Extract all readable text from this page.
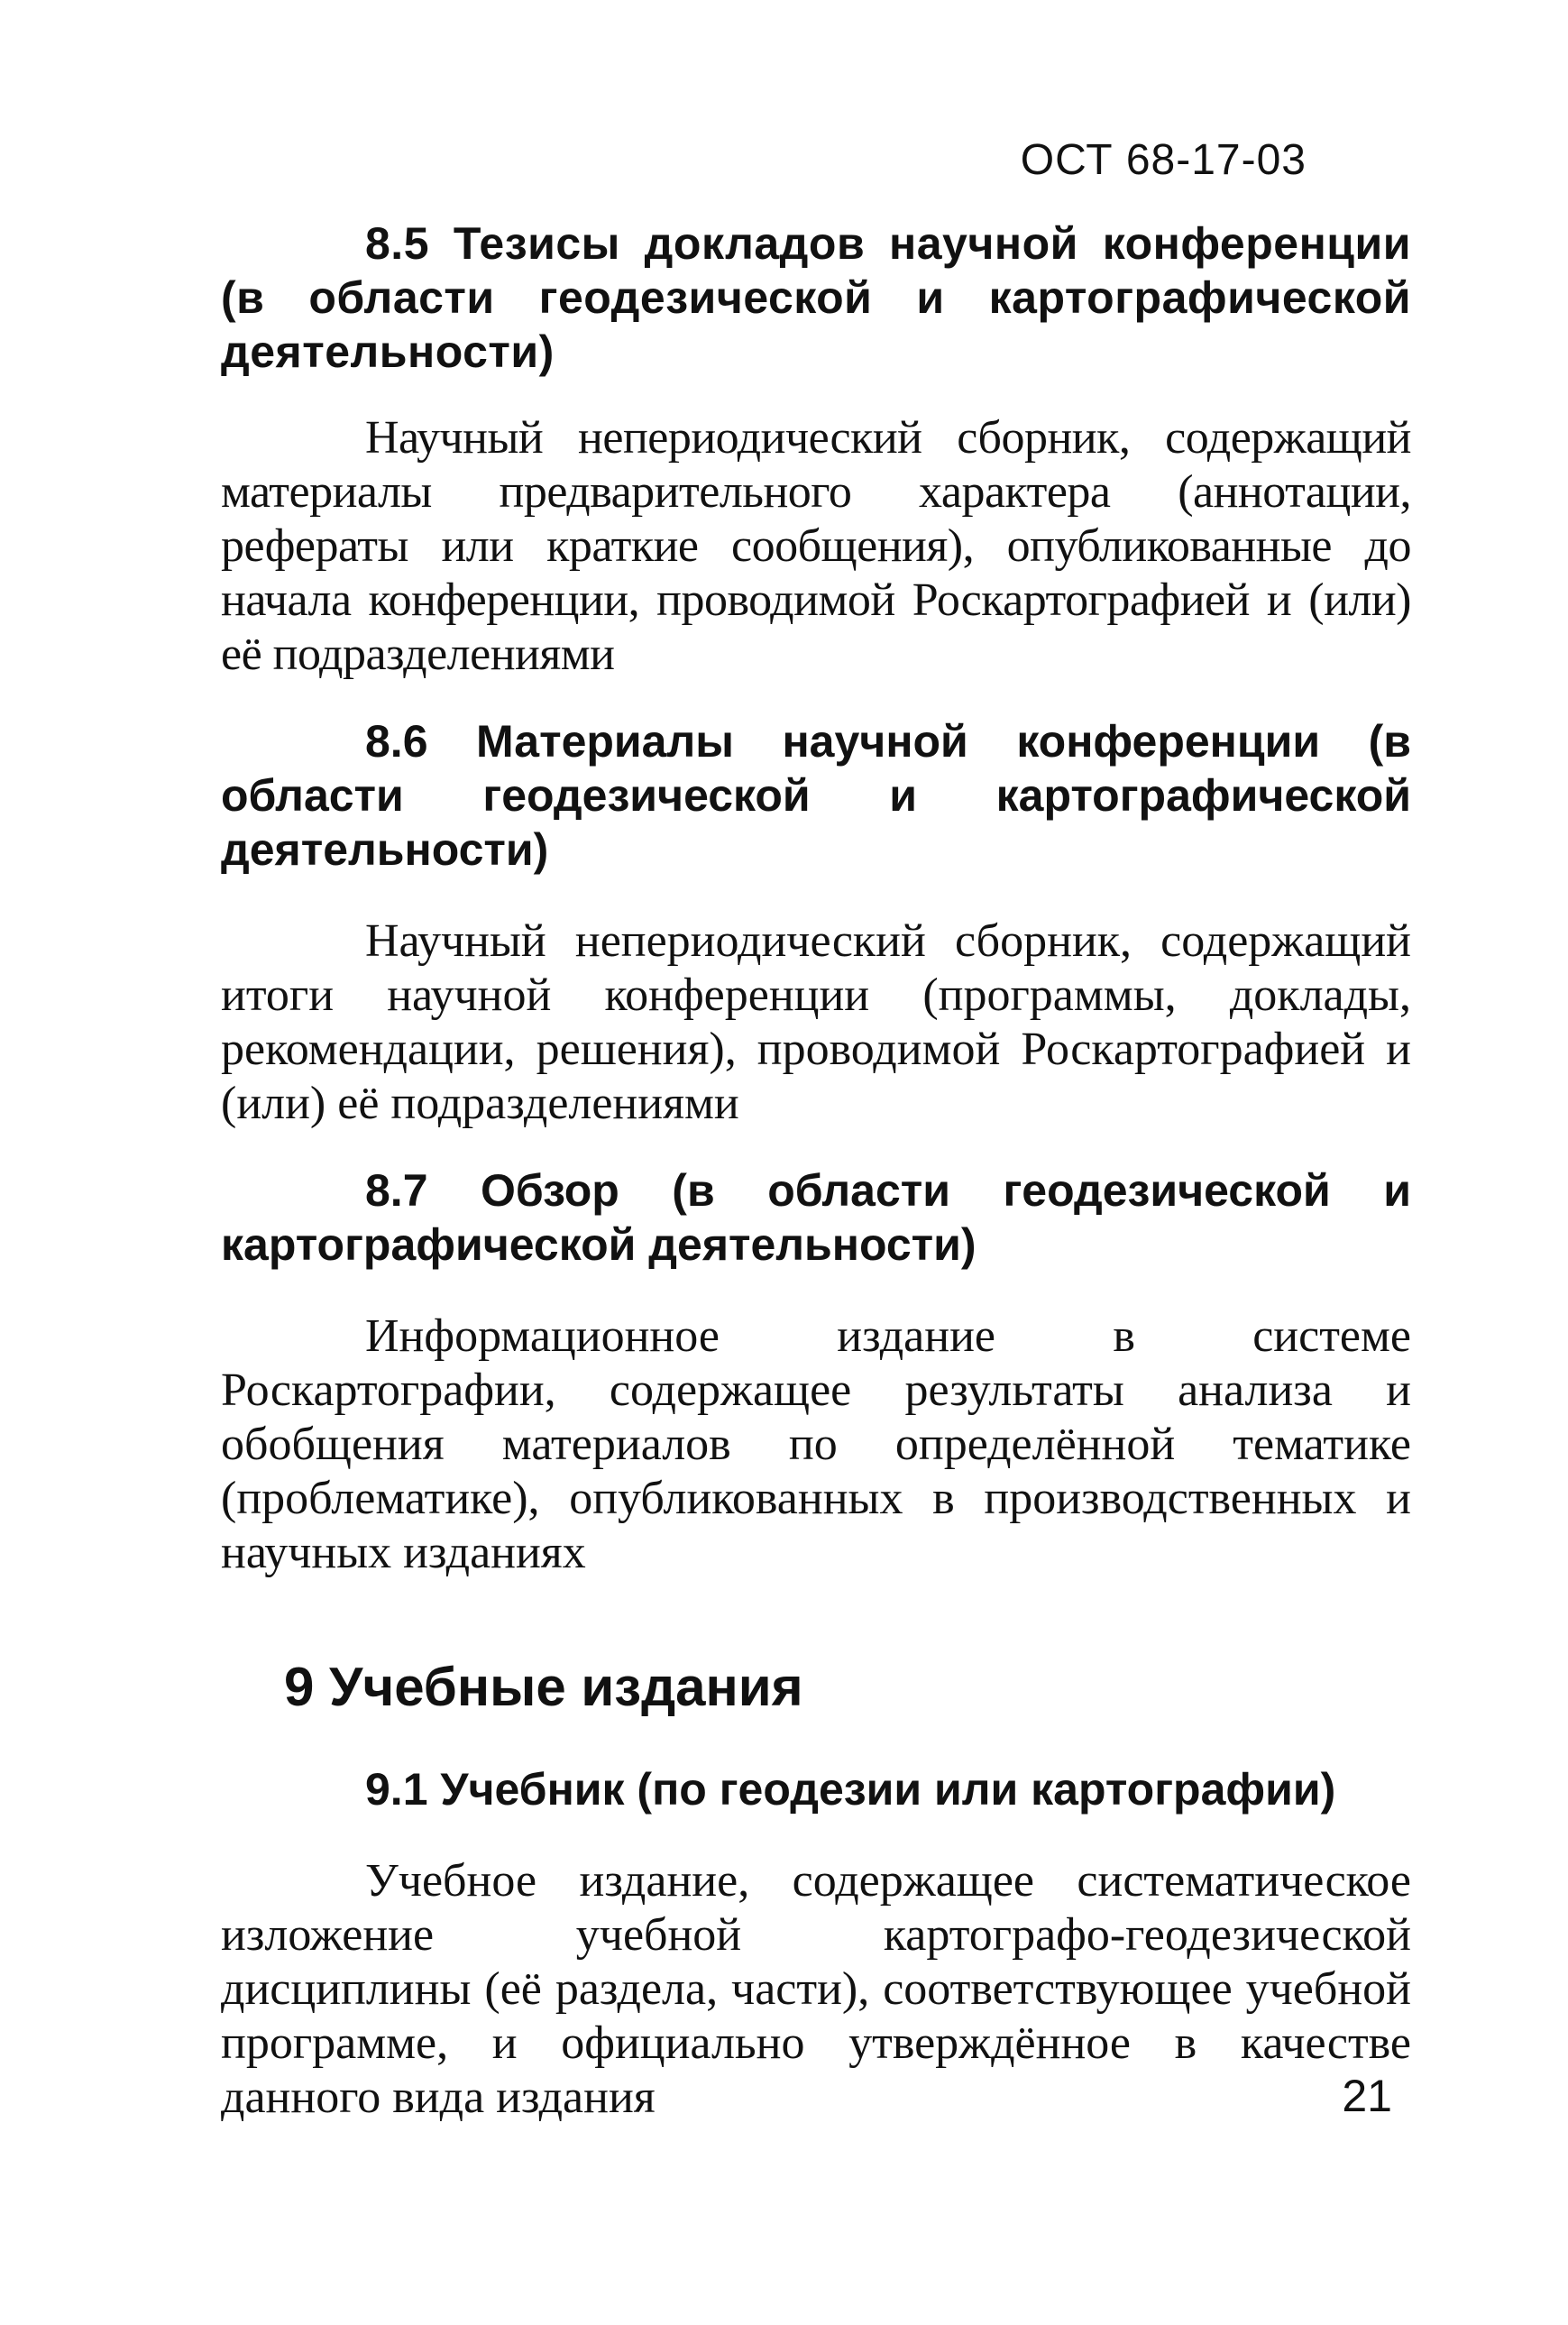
ОСТ 68-17-03

8.5 Тезисы докладов научной конференции (в области геодезической и картографической деятельности)

Научный непериодический сборник, содержащий материалы предварительного характера (аннотации, рефераты или краткие сообщения), опубликованные до начала конференции, проводимой Роскартографией и (или) её подразделениями

8.6 Материалы научной конференции (в области геодезической и картографической деятельности)

Научный непериодический сборник, содержащий итоги научной конференции (программы, доклады, рекомендации, решения), проводимой Роскартографией и (или) её подразделениями

8.7 Обзор (в области геодезической и картографической деятельности)

Информационное издание в системе Роскартографии, содержащее результаты анализа и обобщения материалов по определённой тематике (проблематике), опубликованных в производственных и научных изданиях

9 Учебные издания

9.1 Учебник (по геодезии или картографии)

Учебное издание, содержащее систематическое изложение учебной картографо-геодезической дисциплины (её раздела, части), соответствующее учебной программе, и официально утверждённое в качестве данного вида издания	21
